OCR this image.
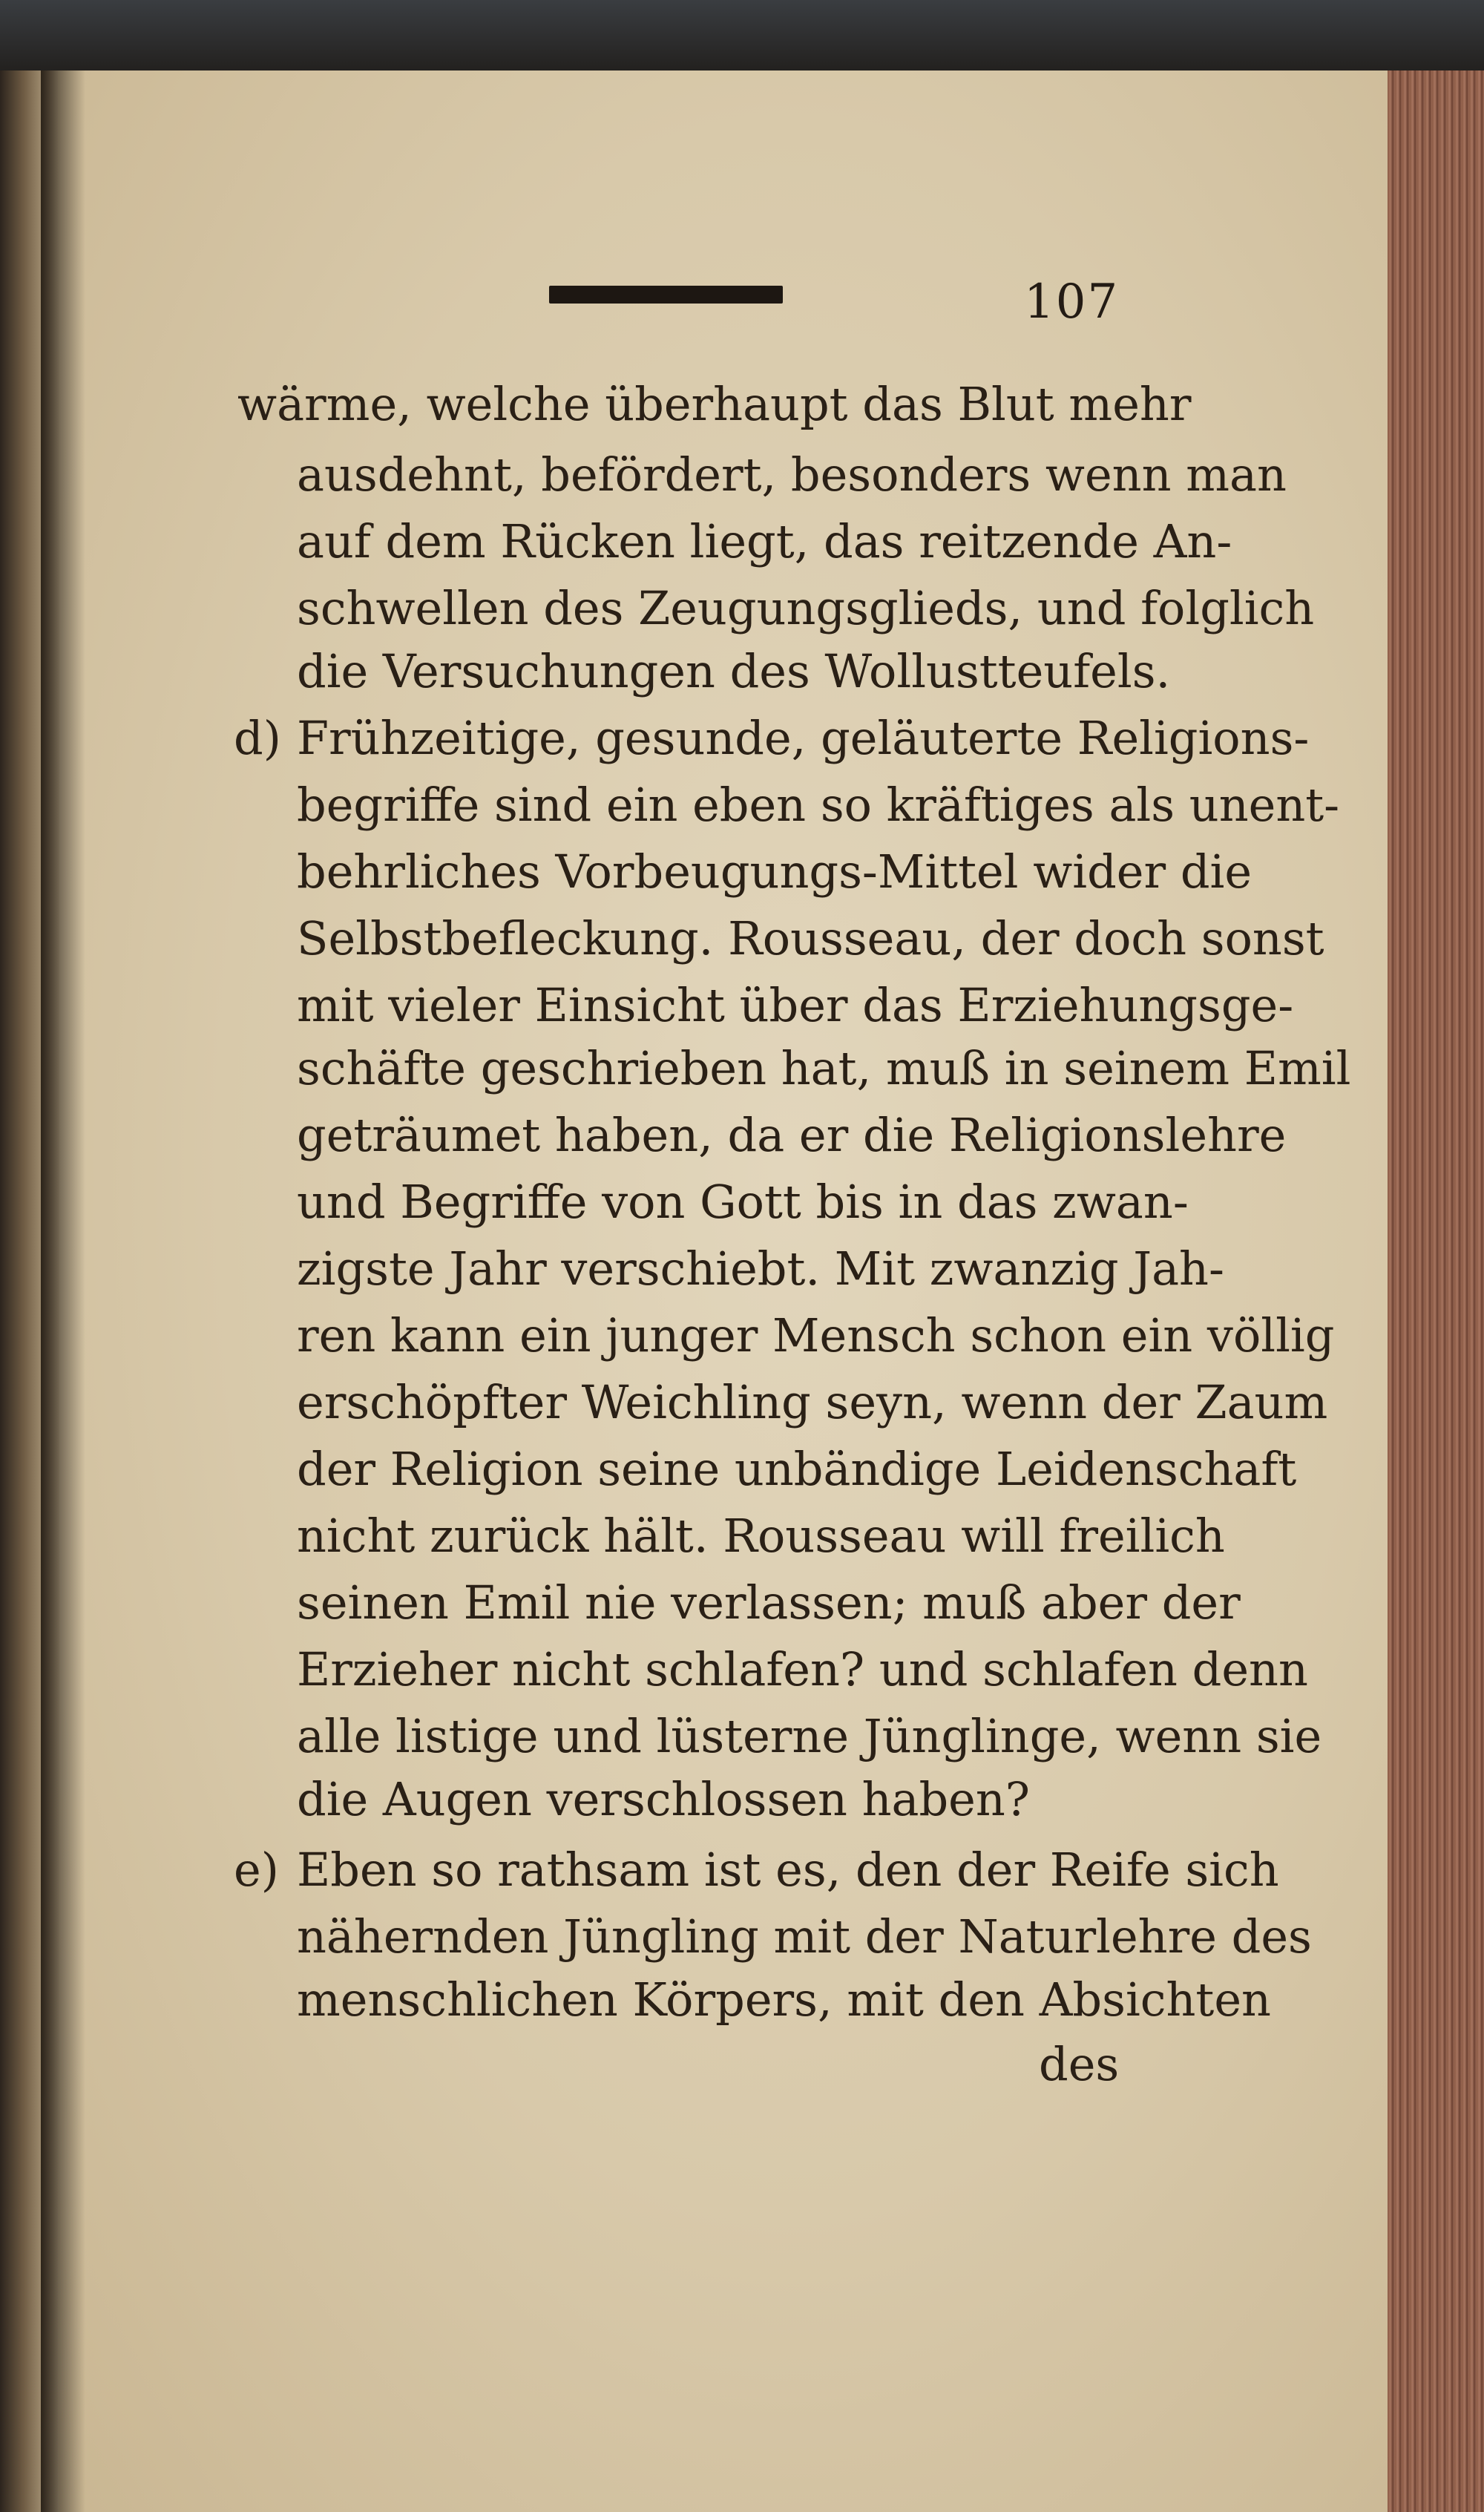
107
wärme, welche überhaupt das Blut mehr
ausdehnt, befördert, besonders wenn man
auf dem Rücken liegt, das reitzende An-
schwellen des Zeugungsglieds, und folglich
die Versuchungen des Wollustteufels.
d) Frühzeitige, gesunde, geläuterte Religions-
begriffe sind ein eben so kräftiges als unent-
behrliches Vorbeugungs-Mittel wider die
Selbstbefleckung. Rousseau, der doch sonst
mit vieler Einsicht über das Erziehungsge-
schäfte geschrieben hat, muß in seinem Emil
geträumet haben, da er die Religionslehre
und Begriffe von Gott bis in das zwan-
zigste Jahr verschiebt. Mit zwanzig Jah-
ren kann ein junger Mensch schon ein völlig
erschöpfter Weichling seyn, wenn der Zaum
der Religion seine unbändige Leidenschaft
nicht zurück hält. Rousseau will freilich
seinen Emil nie verlassen; muß aber der
Erzieher nicht schlafen? und schlafen denn
alle listige und lüsterne Jünglinge, wenn sie
die Augen verschlossen haben?
e) Eben so rathsam ist es, den der Reife sich
nähernden Jüngling mit der Naturlehre des
menschlichen Körpers, mit den Absichten
des
